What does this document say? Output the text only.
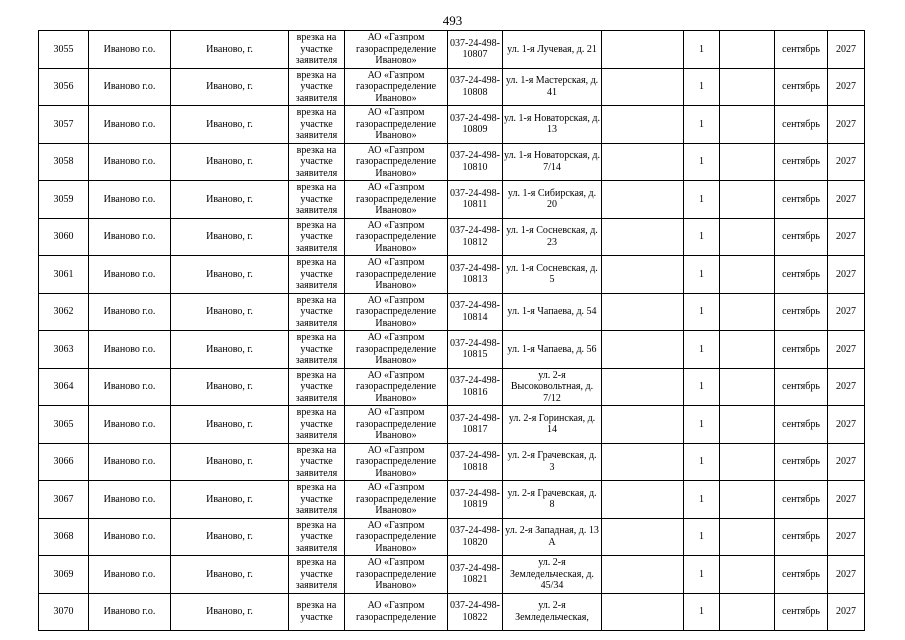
493
3055	Иваново г.о.	Иваново, г.	врезка на участке заявителя	АО «Газпром газораспределение Иваново»	037-24-498-10807	ул. 1-я Лучевая, д. 21		1		сентябрь	2027
3056	Иваново г.о.	Иваново, г.	врезка на участке заявителя	АО «Газпром газораспределение Иваново»	037-24-498-10808	ул. 1-я Мастерская, д. 41		1		сентябрь	2027
3057	Иваново г.о.	Иваново, г.	врезка на участке заявителя	АО «Газпром газораспределение Иваново»	037-24-498-10809	ул. 1-я Новаторская, д. 13		1		сентябрь	2027
3058	Иваново г.о.	Иваново, г.	врезка на участке заявителя	АО «Газпром газораспределение Иваново»	037-24-498-10810	ул. 1-я Новаторская, д. 7/14		1		сентябрь	2027
3059	Иваново г.о.	Иваново, г.	врезка на участке заявителя	АО «Газпром газораспределение Иваново»	037-24-498-10811	ул. 1-я Сибирская, д. 20		1		сентябрь	2027
3060	Иваново г.о.	Иваново, г.	врезка на участке заявителя	АО «Газпром газораспределение Иваново»	037-24-498-10812	ул. 1-я Сосневская, д. 23		1		сентябрь	2027
3061	Иваново г.о.	Иваново, г.	врезка на участке заявителя	АО «Газпром газораспределение Иваново»	037-24-498-10813	ул. 1-я Сосневская, д. 5		1		сентябрь	2027
3062	Иваново г.о.	Иваново, г.	врезка на участке заявителя	АО «Газпром газораспределение Иваново»	037-24-498-10814	ул. 1-я Чапаева, д. 54		1		сентябрь	2027
3063	Иваново г.о.	Иваново, г.	врезка на участке заявителя	АО «Газпром газораспределение Иваново»	037-24-498-10815	ул. 1-я Чапаева, д. 56		1		сентябрь	2027
3064	Иваново г.о.	Иваново, г.	врезка на участке заявителя	АО «Газпром газораспределение Иваново»	037-24-498-10816	ул. 2-я Высоковольтная, д. 7/12		1		сентябрь	2027
3065	Иваново г.о.	Иваново, г.	врезка на участке заявителя	АО «Газпром газораспределение Иваново»	037-24-498-10817	ул. 2-я Горинская, д. 14		1		сентябрь	2027
3066	Иваново г.о.	Иваново, г.	врезка на участке заявителя	АО «Газпром газораспределение Иваново»	037-24-498-10818	ул. 2-я Грачевская, д. 3		1		сентябрь	2027
3067	Иваново г.о.	Иваново, г.	врезка на участке заявителя	АО «Газпром газораспределение Иваново»	037-24-498-10819	ул. 2-я Грачевская, д. 8		1		сентябрь	2027
3068	Иваново г.о.	Иваново, г.	врезка на участке заявителя	АО «Газпром газораспределение Иваново»	037-24-498-10820	ул. 2-я Западная, д. 13 А		1		сентябрь	2027
3069	Иваново г.о.	Иваново, г.	врезка на участке заявителя	АО «Газпром газораспределение Иваново»	037-24-498-10821	ул. 2-я Земледельческая, д. 45/34		1		сентябрь	2027
3070	Иваново г.о.	Иваново, г.	врезка на участке	АО «Газпром газораспределение	037-24-498-10822	ул. 2-я Земледельческая,		1		сентябрь	2027
